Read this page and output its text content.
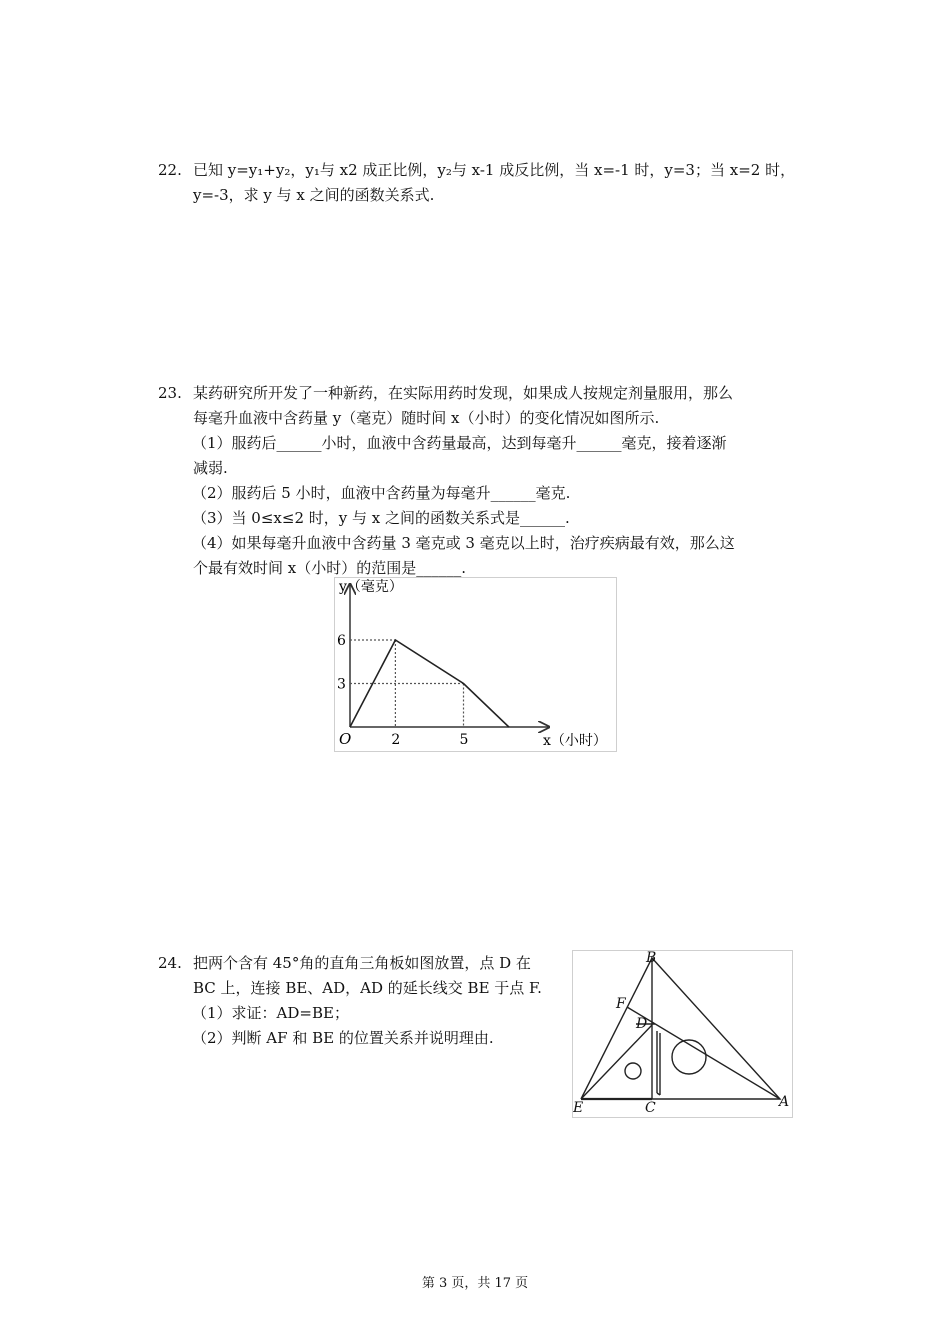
22. 已知 y=y₁+y₂，y₁与 x2 成正比例，y₂与 x-1 成反比例，当 x=-1 时，y=3；当 x=2 时，
y=-3，求 y 与 x 之间的函数关系式.
23. 某药研究所开发了一种新药，在实际用药时发现，如果成人按规定剂量服用，那么
每毫升血液中含药量 y（毫克）随时间 x（小时）的变化情况如图所示.
（1）服药后______小时，血液中含药量最高，达到每毫升______毫克，接着逐渐
减弱.
（2）服药后 5 小时，血液中含药量为每毫升______毫克.
（3）当 0≤x≤2 时，y 与 x 之间的函数关系式是______.
（4）如果每毫升血液中含药量 3 毫克或 3 毫克以上时，治疗疾病最有效，那么这
个最有效时间 x（小时）的范围是______.
2	5
6
3
O
y（毫克）
x（小时）
24. 把两个含有 45°角的直角三角板如图放置，点 D 在
BC 上，连接 BE、AD，AD 的延长线交 BE 于点 F.
（1）求证：AD=BE；
（2）判断 AF 和 BE 的位置关系并说明理由.
B
F
D
E	C	A
第 3 页，共 17 页
